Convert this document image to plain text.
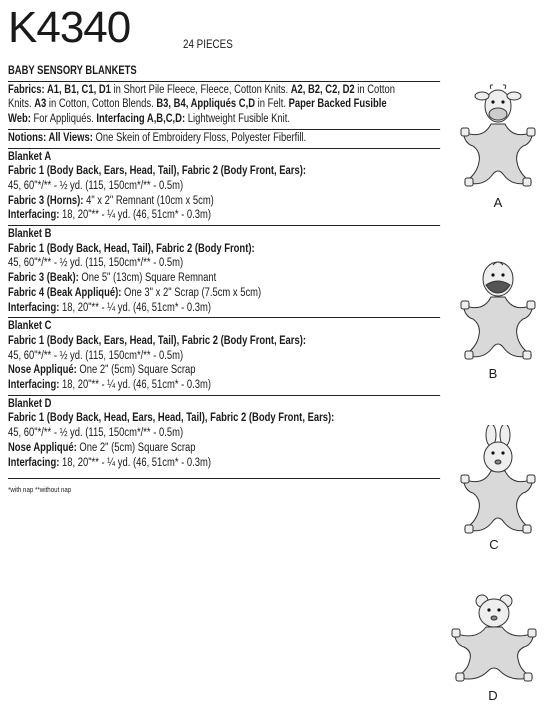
K4340	24 PIECES
BABY SENSORY BLANKETS
Fabrics: A1, B1, C1, D1 in Short Pile Fleece, Fleece, Cotton Knits. A2, B2, C2, D2 in Cotton
Knits. A3 in Cotton, Cotton Blends. B3, B4, Appliqués C,D in Felt. Paper Backed Fusible
Web: For Appliqués. Interfacing A,B,C,D: Lightweight Fusible Knit.
Notions: All Views: One Skein of Embroidery Floss, Polyester Fiberfill.
Blanket A
Fabric 1 (Body Back, Ears, Head, Tail), Fabric 2 (Body Front, Ears):
45, 60"*/** - ½ yd. (115, 150cm*/** - 0.5m)
Fabric 3 (Horns): 4" x 2" Remnant (10cm x 5cm)
Interfacing: 18, 20"** - ¼ yd. (46, 51cm* - 0.3m)
Blanket B
Fabric 1 (Body Back, Head, Tail), Fabric 2 (Body Front):
45, 60"*/** - ½ yd. (115, 150cm*/** - 0.5m)
Fabric 3 (Beak): One 5" (13cm) Square Remnant
Fabric 4 (Beak Appliqué): One 3" x 2" Scrap (7.5cm x 5cm)
Interfacing: 18, 20"** - ¼ yd. (46, 51cm* - 0.3m)
Blanket C
Fabric 1 (Body Back, Ears, Head, Tail), Fabric 2 (Body Front, Ears):
45, 60"*/** - ½ yd. (115, 150cm*/** - 0.5m)
Nose Appliqué: One 2" (5cm) Square Scrap
Interfacing: 18, 20"** - ¼ yd. (46, 51cm* - 0.3m)
Blanket D
Fabric 1 (Body Back, Head, Ears, Head, Tail), Fabric 2 (Body Front, Ears):
45, 60"*/** - ½ yd. (115, 150cm*/** - 0.5m)
Nose Appliqué: One 2" (5cm) Square Scrap
Interfacing: 18, 20"** - ¼ yd. (46, 51cm* - 0.3m)
*with nap **without nap
A
B
C
D
